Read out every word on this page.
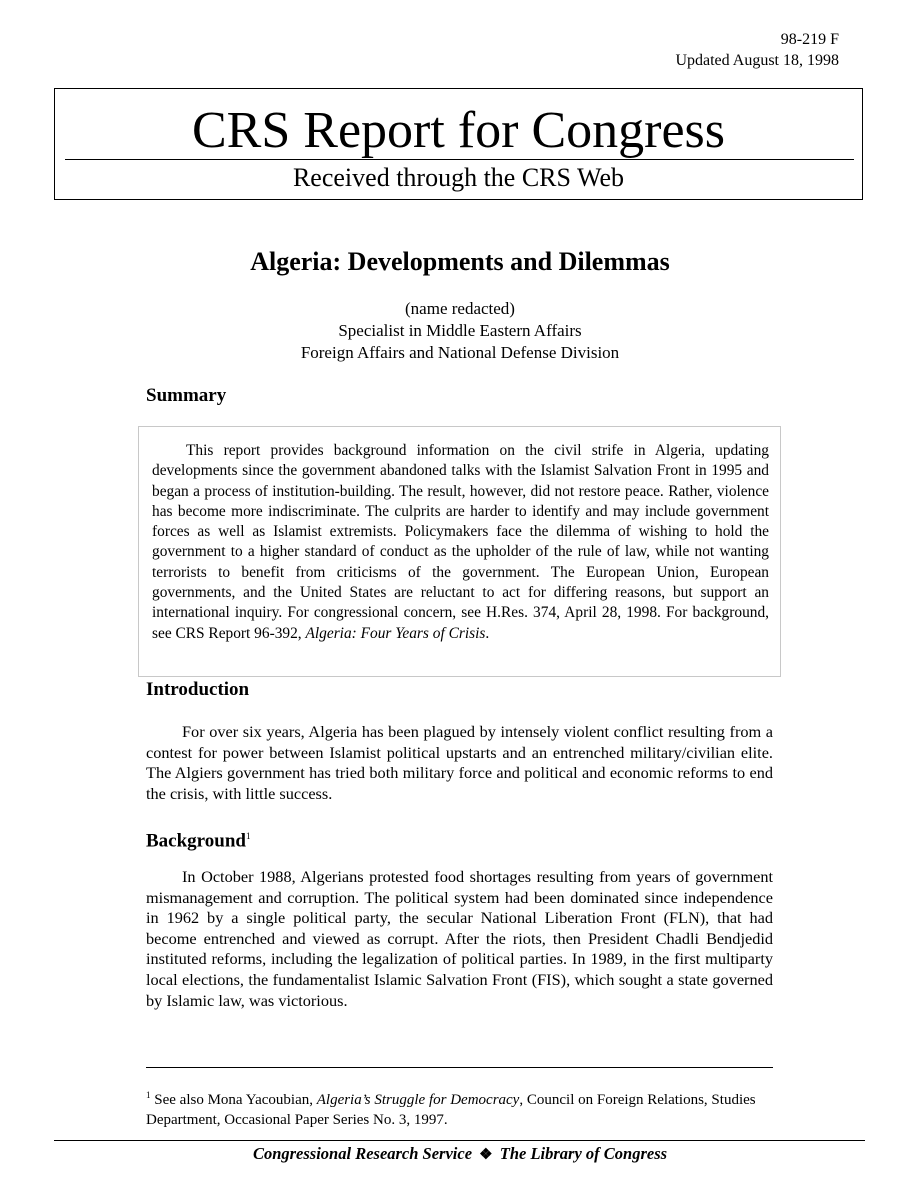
98-219 F
Updated August 18, 1998
CRS Report for Congress
Received through the CRS Web
Algeria: Developments and Dilemmas
(name redacted)
Specialist in Middle Eastern Affairs
Foreign Affairs and National Defense Division
Summary

This report provides background information on the civil strife in Algeria, updating developments since the government abandoned talks with the Islamist Salvation Front in 1995 and began a process of institution-building. The result, however, did not restore peace. Rather, violence has become more indiscriminate. The culprits are harder to identify and may include government forces as well as Islamist extremists. Policymakers face the dilemma of wishing to hold the government to a higher standard of conduct as the upholder of the rule of law, while not wanting terrorists to benefit from criticisms of the government. The European Union, European governments, and the United States are reluctant to act for differing reasons, but support an international inquiry. For congressional concern, see H.Res. 374, April 28, 1998. For background, see CRS Report 96-392, Algeria: Four Years of Crisis.

Introduction

For over six years, Algeria has been plagued by intensely violent conflict resulting from a contest for power between Islamist political upstarts and an entrenched military/civilian elite. The Algiers government has tried both military force and political and economic reforms to end the crisis, with little success.

Background$^1$

In October 1988, Algerians protested food shortages resulting from years of government mismanagement and corruption. The political system had been dominated since independence in 1962 by a single political party, the secular National Liberation Front (FLN), that had become entrenched and viewed as corrupt. After the riots, then President Chadli Bendjedid instituted reforms, including the legalization of political parties. In 1989, in the first multiparty local elections, the fundamentalist Islamic Salvation Front (FIS), which sought a state governed by Islamic law, was victorious.

$^1$ See also Mona Yacoubian, Algeria’s Struggle for Democracy, Council on Foreign Relations, Studies Department, Occasional Paper Series No. 3, 1997.

Congressional Research Service ❖ The Library of Congress
